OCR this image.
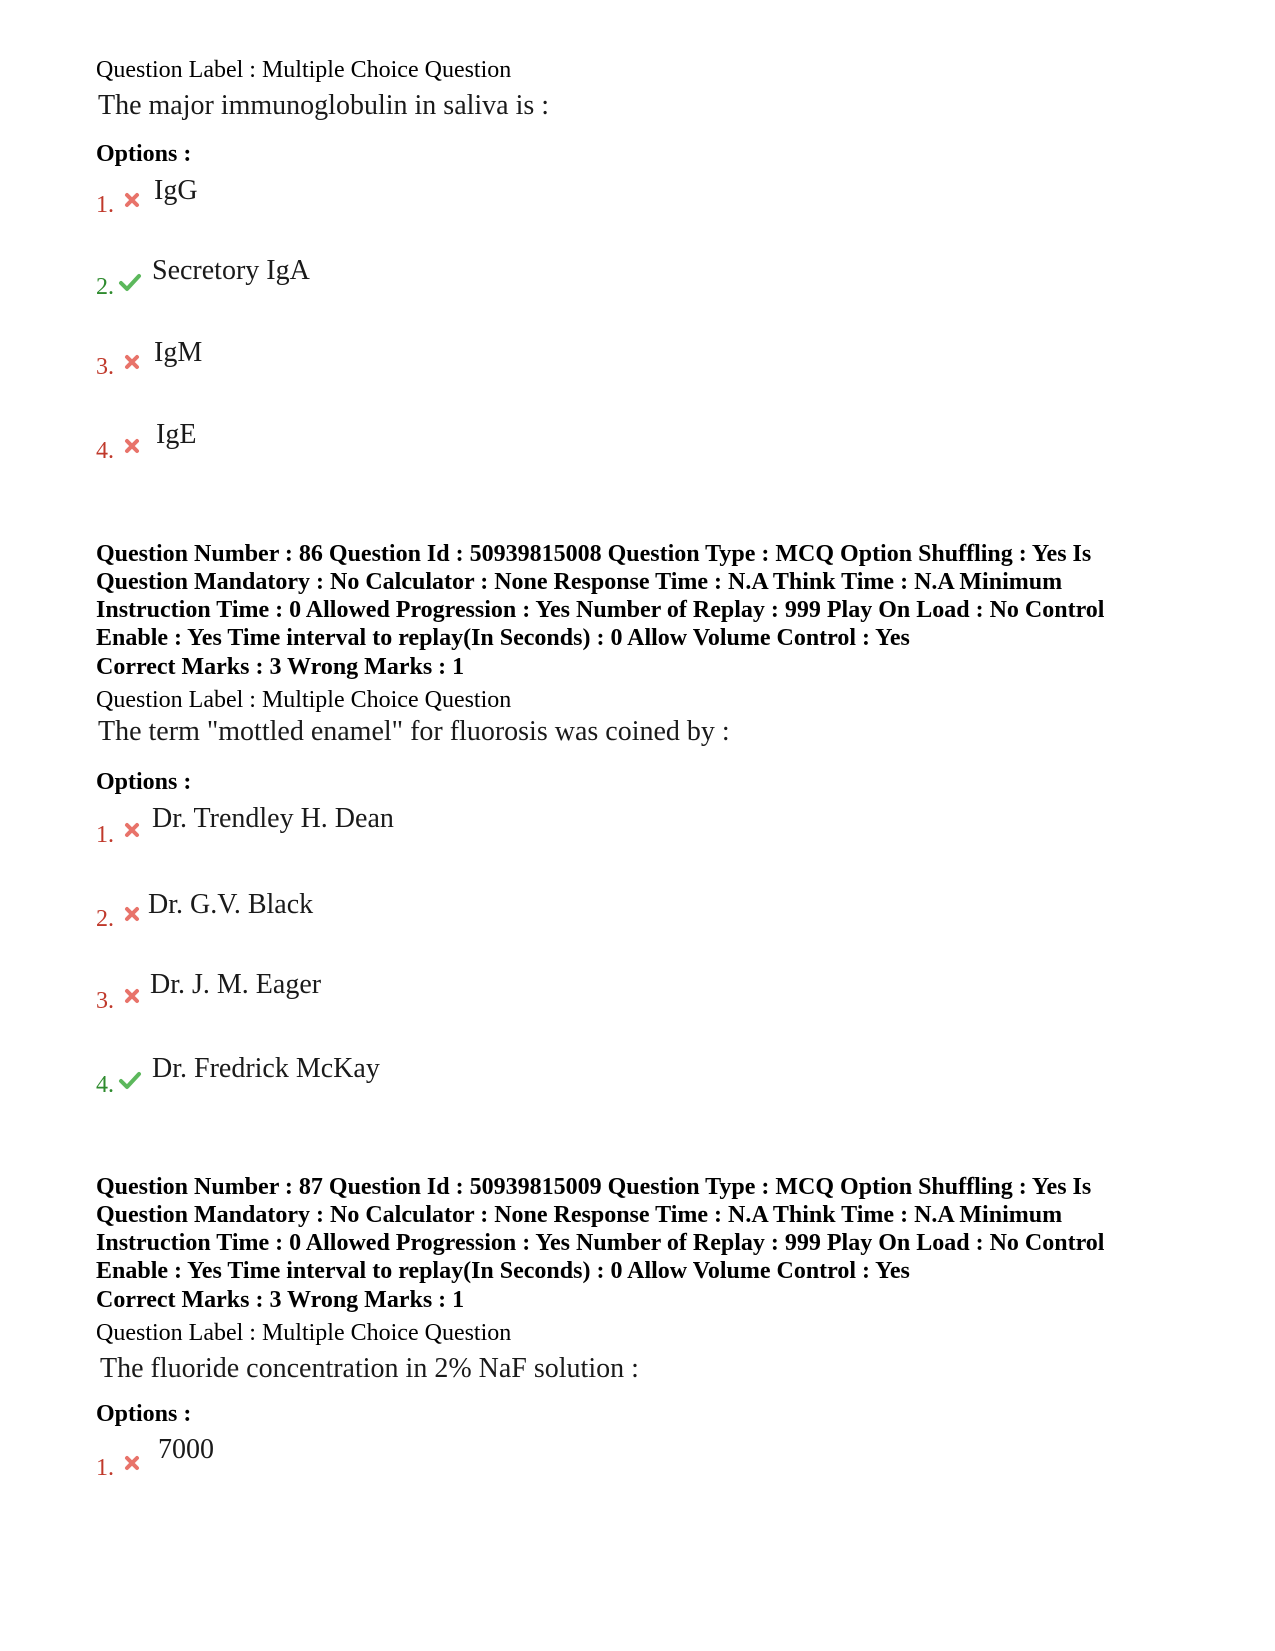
Question Label : Multiple Choice Question
The major immunoglobulin in saliva is :
Options :
1. IgG
2.
Secretory IgA
3. IgM
4.
IgE
Question Number : 86 Question Id : 50939815008 Question Type : MCQ Option Shuffling : Yes Is
Question Mandatory : No Calculator : None Response Time : N.A Think Time : N.A Minimum
Instruction Time : 0 Allowed Progression : Yes Number of Replay : 999 Play On Load : No Control
Enable : Yes Time interval to replay(In Seconds) : 0 Allow Volume Control : Yes
Correct Marks : 3 Wrong Marks : 1
Question Label : Multiple Choice Question
The term "mottled enamel" for fluorosis was coined by :
Options :
1.
Dr. Trendley H. Dean
2. Dr. G.V. Black
3.
Dr. J. M. Eager
4.
Dr. Fredrick McKay
Question Number : 87 Question Id : 50939815009 Question Type : MCQ Option Shuffling : Yes Is
Question Mandatory : No Calculator : None Response Time : N.A Think Time : N.A Minimum
Instruction Time : 0 Allowed Progression : Yes Number of Replay : 999 Play On Load : No Control
Enable : Yes Time interval to replay(In Seconds) : 0 Allow Volume Control : Yes
Correct Marks : 3 Wrong Marks : 1
Question Label : Multiple Choice Question
The fluoride concentration in 2% NaF solution :
Options :
1.
7000
